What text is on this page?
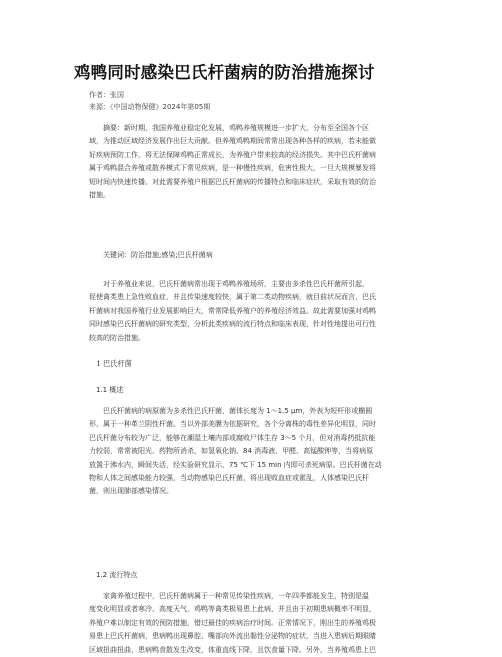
鸡鸭同时感染巴氏杆菌病的防治措施探讨
作者：张国
来源：《中国动物保健》2024年第05期
　　摘要：新时期，我国养殖业稳定化发展，鸡鸭养殖规模进一步扩大，分布至全国各个区
域，为推动区域经济发展作出巨大贡献。但养殖鸡鸭期间常常出现各种各样的疾病，若未能做
好疾病预防工作，将无法保障鸡鸭正常成长，为养殖户带来较高的经济损失。其中巴氏杆菌病
属于鸡鸭混合养殖或散养模式下常见疾病，是一种慢性疾病，危害性极大，一旦大规模暴发将
短时间内快速传播。对此需要养殖户根据巴氏杆菌病的传播特点和临床症状，采取有效的防治
措施。
　　关键词：防治措施;感染;巴氏杆菌病
　　对于养殖业来说，巴氏杆菌病常出现于鸡鸭养殖场所，主要由多杀性巴氏杆菌所引起，
促使禽类患上急性败血症，并且传染速度较快，属于第二类动物疾病，就目前状况而言，巴氏
杆菌病对我国养殖行业发展影响巨大，常常降低养殖户的养殖经济效益。故此需要加强对鸡鸭
同时感染巴氏杆菌病的研究类型，分析此类疾病的流行特点和临床表现，针对性地提出可行性
较高的防治措施。
　1 巴氏杆菌
　1.1 概述
　　巴氏杆菌病的病原菌为多杀性巴氏杆菌，菌体长度为 1～1.5 μm，外表为短杆形或椭圆
形，属于一种革兰阴性杆菌。当以外部美膜为依据研究，各个分离株的毒性差异化明显，同时
巴氏杆菌分布较为广泛，能够在潮湿土壤内部或腐败尸体生存 3～5 个月，但对消毒药抵抗能
力较弱，常常被阳光、药物所消杀，如氢氧化钠、84 消毒液、甲醛、高锰酸钾等，当将病原
放置于沸水内，瞬间失活，经实验研究显示，75 ℃下 15 min 内即可杀死病原。巴氏杆菌在动
物和人体之间感染能力较强，当动物感染巴氏杆菌，将出现败血症或霍乱，人体感染巴氏杆
菌，则出现肺部感染情况。
　1.2 流行特点
　　家禽养殖过程中，巴氏杆菌病属于一种常见传染性疾病，一年四季都能发生，特别是温
度变化明显或者寒冷、高度天气，鸡鸭等禽类极易患上此病，并且由于初期患病概率不明显，
养殖户难以制定有效的预防措施，错过最佳的疾病治疗时间。正常情况下，刚出生的养殖鸡极
易患上巴氏杆菌病，患病鸭出现鼻腔、嘴部向外流出黏性分泌物的症状，当进入患病后期眼睛
区域扭曲扭曲，患病鸭食散发生改变，体重直线下降，且饮食量下降。另外，当养殖鸡患上巴
